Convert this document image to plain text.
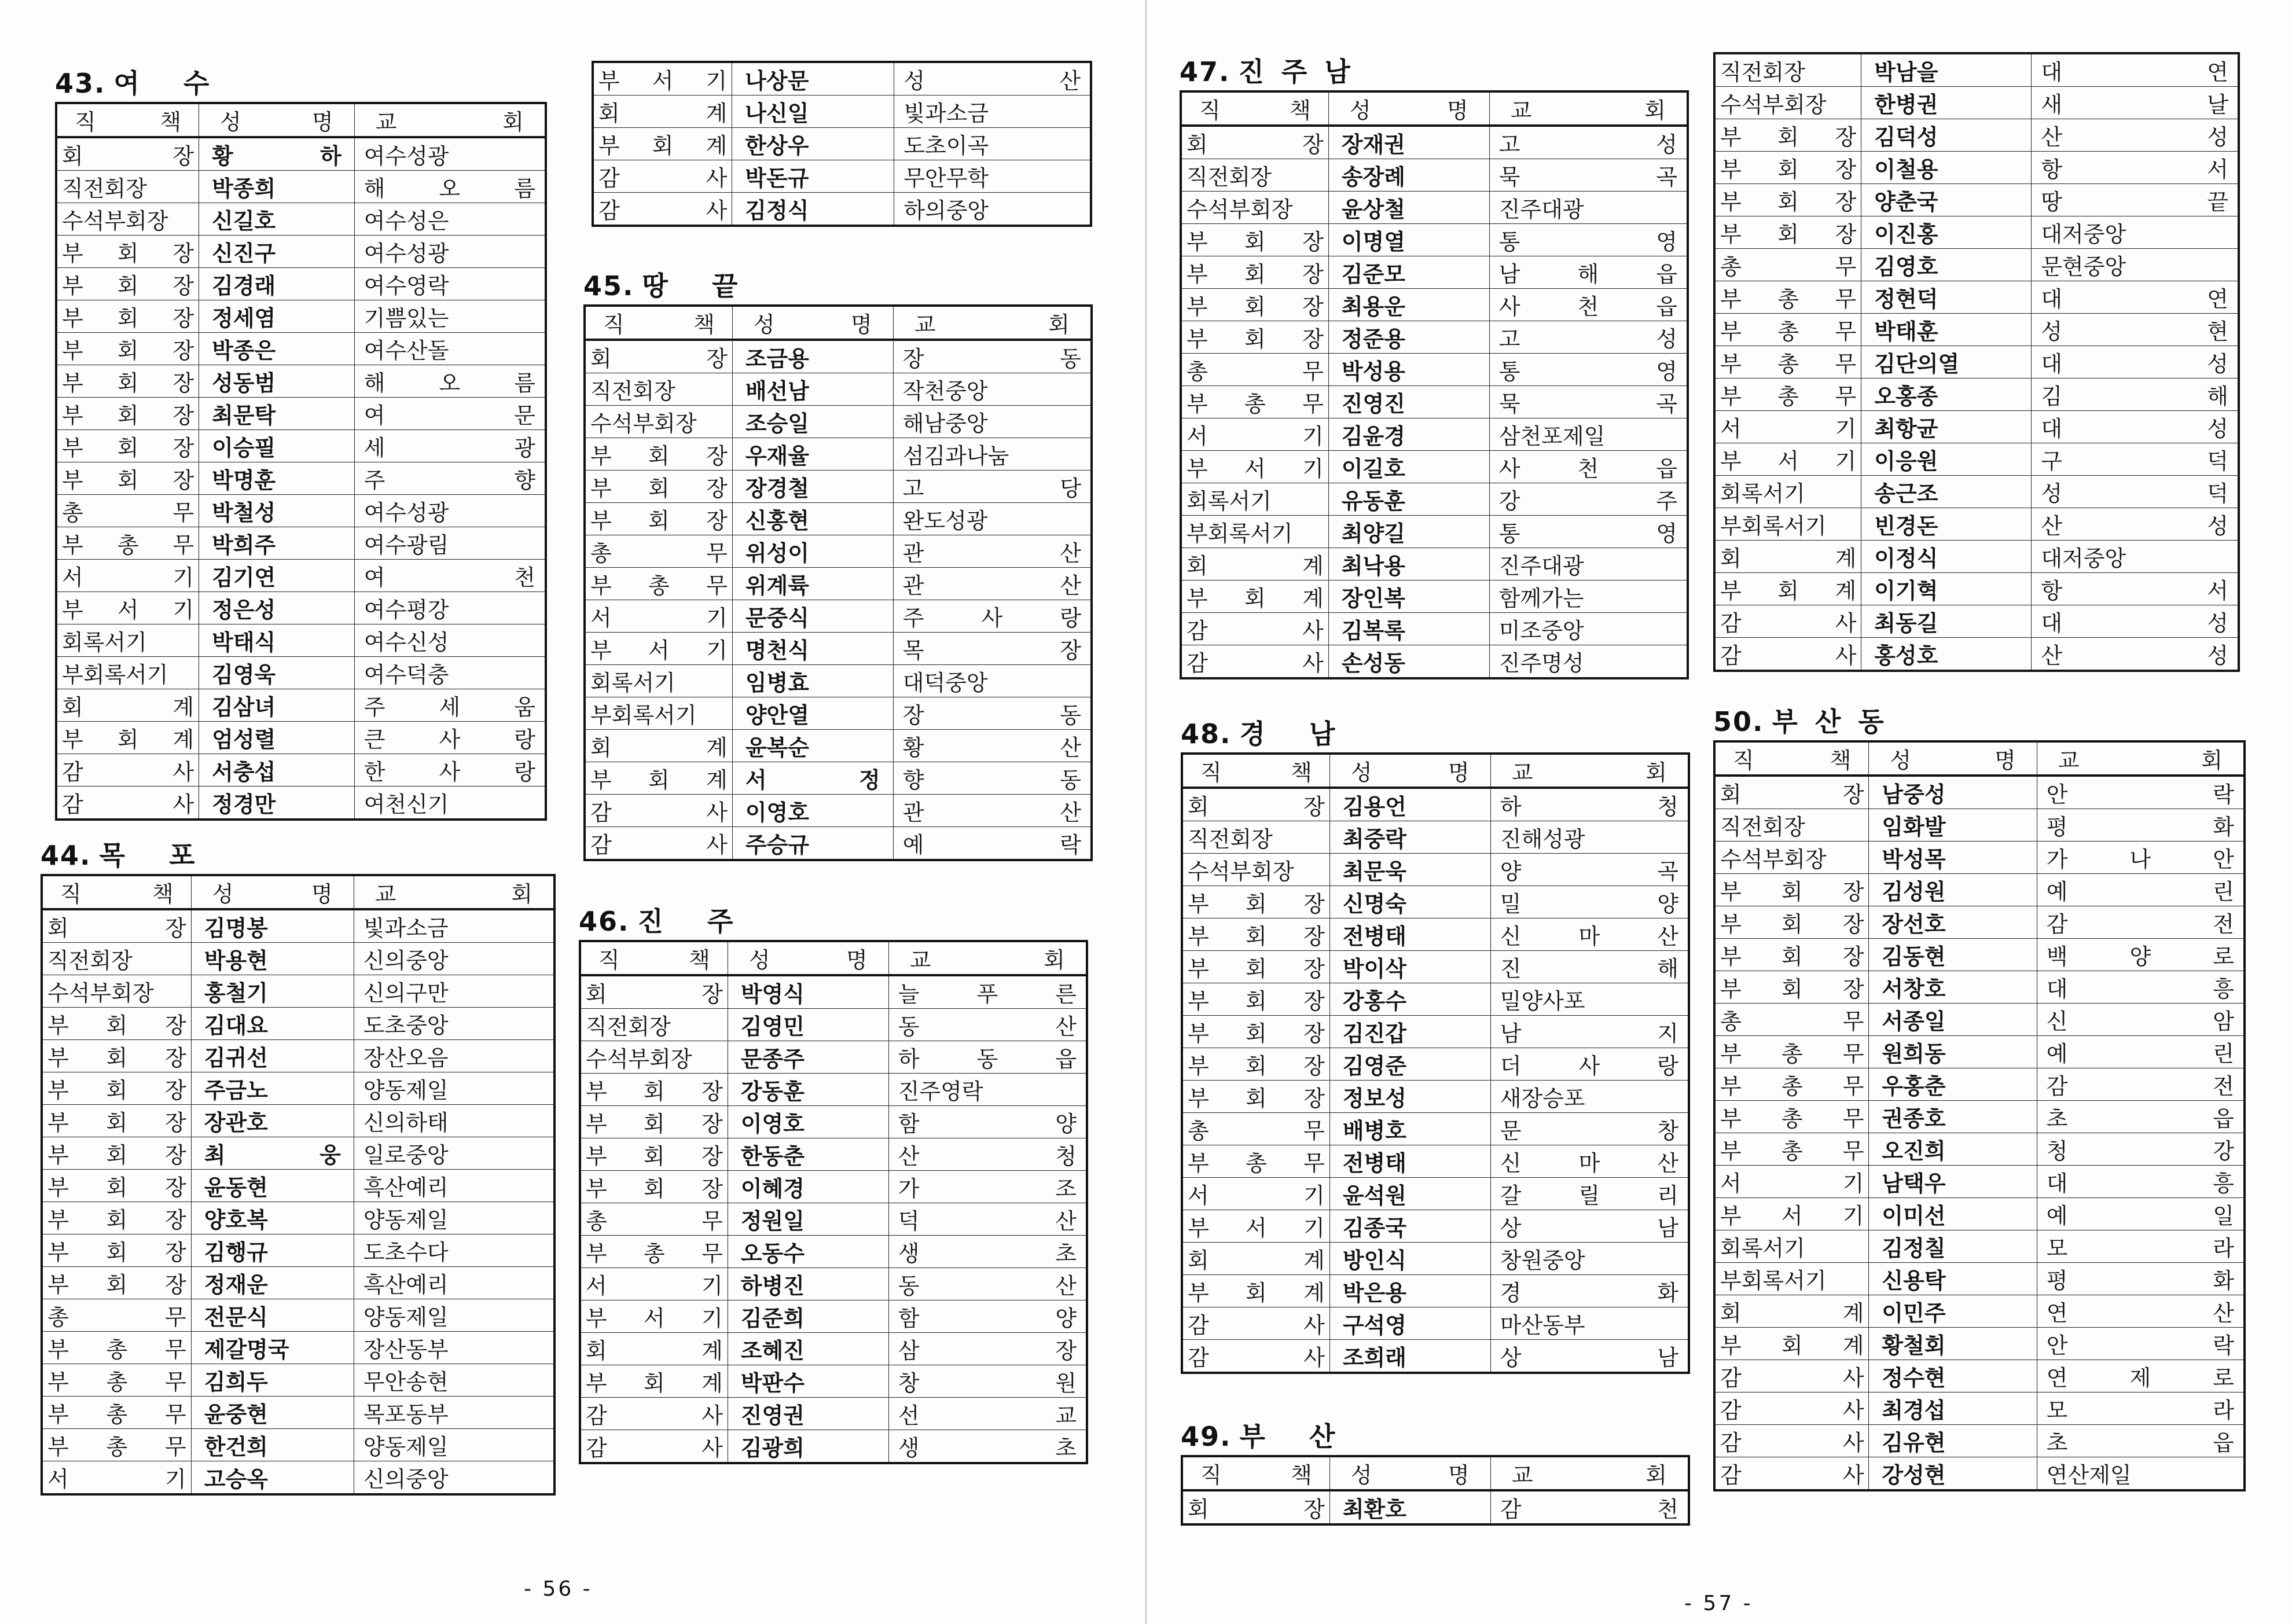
43. 여 수
직 책	성 명	교 회
회 장	황 하	여수성광
직전회장	박종희	해 오 름
수석부회장	신길호	여수성은
부 회 장	신진구	여수성광
부 회 장	김경래	여수영락
부 회 장	정세염	기쁨있는
부 회 장	박종은	여수산돌
부 회 장	성동범	해 오 름
부 회 장	최문탁	여 문
부 회 장	이승필	세 광
부 회 장	박명훈	주 향
총 무	박철성	여수성광
부 총 무	박희주	여수광림
서 기	김기연	여 천
부 서 기	정은성	여수평강
회록서기	박태식	여수신성
부회록서기	김영욱	여수덕충
회 계	김삼녀	주 세 움
부 회 계	엄성렬	큰 사 랑
감 사	서충섭	한 사 랑
감 사	정경만	여천신기
44. 목 포
직 책	성 명	교 회
회 장	김명봉	빛과소금
직전회장	박용현	신의중앙
수석부회장	홍철기	신의구만
부 회 장	김대요	도초중앙
부 회 장	김귀선	장산오음
부 회 장	주금노	양동제일
부 회 장	장관호	신의하태
부 회 장	최 웅	일로중앙
부 회 장	윤동현	흑산예리
부 회 장	양호복	양동제일
부 회 장	김행규	도초수다
부 회 장	정재운	흑산예리
총 무	전문식	양동제일
부 총 무	제갈명국	장산동부
부 총 무	김희두	무안송현
부 총 무	윤중현	목포동부
부 총 무	한건희	양동제일
서 기	고승옥	신의중앙
부 서 기	나상문	성 산
회 계	나신일	빛과소금
부 회 계	한상우	도초이곡
감 사	박돈규	무안무학
감 사	김정식	하의중앙
45. 땅 끝
직 책	성 명	교 회
회 장	조금용	장 동
직전회장	배선남	작천중앙
수석부회장	조승일	해남중앙
부 회 장	우재율	섬김과나눔
부 회 장	장경철	고 당
부 회 장	신홍현	완도성광
총 무	위성이	관 산
부 총 무	위계륙	관 산
서 기	문중식	주 사 랑
부 서 기	명천식	목 장
회록서기	임병효	대덕중앙
부회록서기	양안열	장 동
회 계	윤복순	황 산
부 회 계	서 정	향 동
감 사	이영호	관 산
감 사	주승규	예 락
46. 진 주
직 책	성 명	교 회
회 장	박영식	늘 푸 른
직전회장	김영민	동 산
수석부회장	문종주	하 동 읍
부 회 장	강동훈	진주영락
부 회 장	이영호	함 양
부 회 장	한동춘	산 청
부 회 장	이혜경	가 조
총 무	정원일	덕 산
부 총 무	오동수	생 초
서 기	하병진	동 산
부 서 기	김준희	함 양
회 계	조혜진	삼 장
부 회 계	박판수	창 원
감 사	진영권	선 교
감 사	김광희	생 초
47. 진주남
직 책	성 명	교 회
회 장	장재권	고 성
직전회장	송장례	묵 곡
수석부회장	윤상철	진주대광
부 회 장	이명열	통 영
부 회 장	김준모	남 해 읍
부 회 장	최용운	사 천 읍
부 회 장	정준용	고 성
총 무	박성용	통 영
부 총 무	진영진	묵 곡
서 기	김윤경	삼천포제일
부 서 기	이길호	사 천 읍
회록서기	유동훈	강 주
부회록서기	최양길	통 영
회 계	최낙용	진주대광
부 회 계	장인복	함께가는
감 사	김복록	미조중앙
감 사	손성동	진주명성
48. 경 남
직 책	성 명	교 회
회 장	김용언	하 청
직전회장	최중락	진해성광
수석부회장	최문욱	양 곡
부 회 장	신명숙	밀 양
부 회 장	전병태	신 마 산
부 회 장	박이삭	진 해
부 회 장	강홍수	밀양사포
부 회 장	김진갑	남 지
부 회 장	김영준	더 사 랑
부 회 장	정보성	새장승포
총 무	배병호	문 창
부 총 무	전병태	신 마 산
서 기	윤석원	갈 릴 리
부 서 기	김종국	상 남
회 계	방인식	창원중앙
부 회 계	박은용	경 화
감 사	구석영	마산동부
감 사	조희래	상 남
49. 부 산
직 책	성 명	교 회
회 장	최환호	감 천
직전회장	박남을	대 연
수석부회장	한병권	새 날
부 회 장	김덕성	산 성
부 회 장	이철용	항 서
부 회 장	양춘국	땅 끝
부 회 장	이진홍	대저중앙
총 무	김영호	문현중앙
부 총 무	정현덕	대 연
부 총 무	박태훈	성 현
부 총 무	김단의열	대 성
부 총 무	오홍종	김 해
서 기	최항균	대 성
부 서 기	이응원	구 덕
회록서기	송근조	성 덕
부회록서기	빈경돈	산 성
회 계	이정식	대저중앙
부 회 계	이기혁	항 서
감 사	최동길	대 성
감 사	홍성호	산 성
50. 부산동
직 책	성 명	교 회
회 장	남중성	안 락
직전회장	임화발	평 화
수석부회장	박성목	가 나 안
부 회 장	김성원	예 린
부 회 장	장선호	감 전
부 회 장	김동현	백 양 로
부 회 장	서창호	대 흥
총 무	서종일	신 암
부 총 무	원희동	예 린
부 총 무	우홍춘	감 전
부 총 무	권종호	초 읍
부 총 무	오진희	청 강
서 기	남택우	대 흥
부 서 기	이미선	예 일
회록서기	김정칠	모 라
부회록서기	신용탁	평 화
회 계	이민주	연 산
부 회 계	황철회	안 락
감 사	정수현	연 제 로
감 사	최경섭	모 라
감 사	김유현	초 읍
감 사	강성현	연산제일
- 56 -
- 57 -
